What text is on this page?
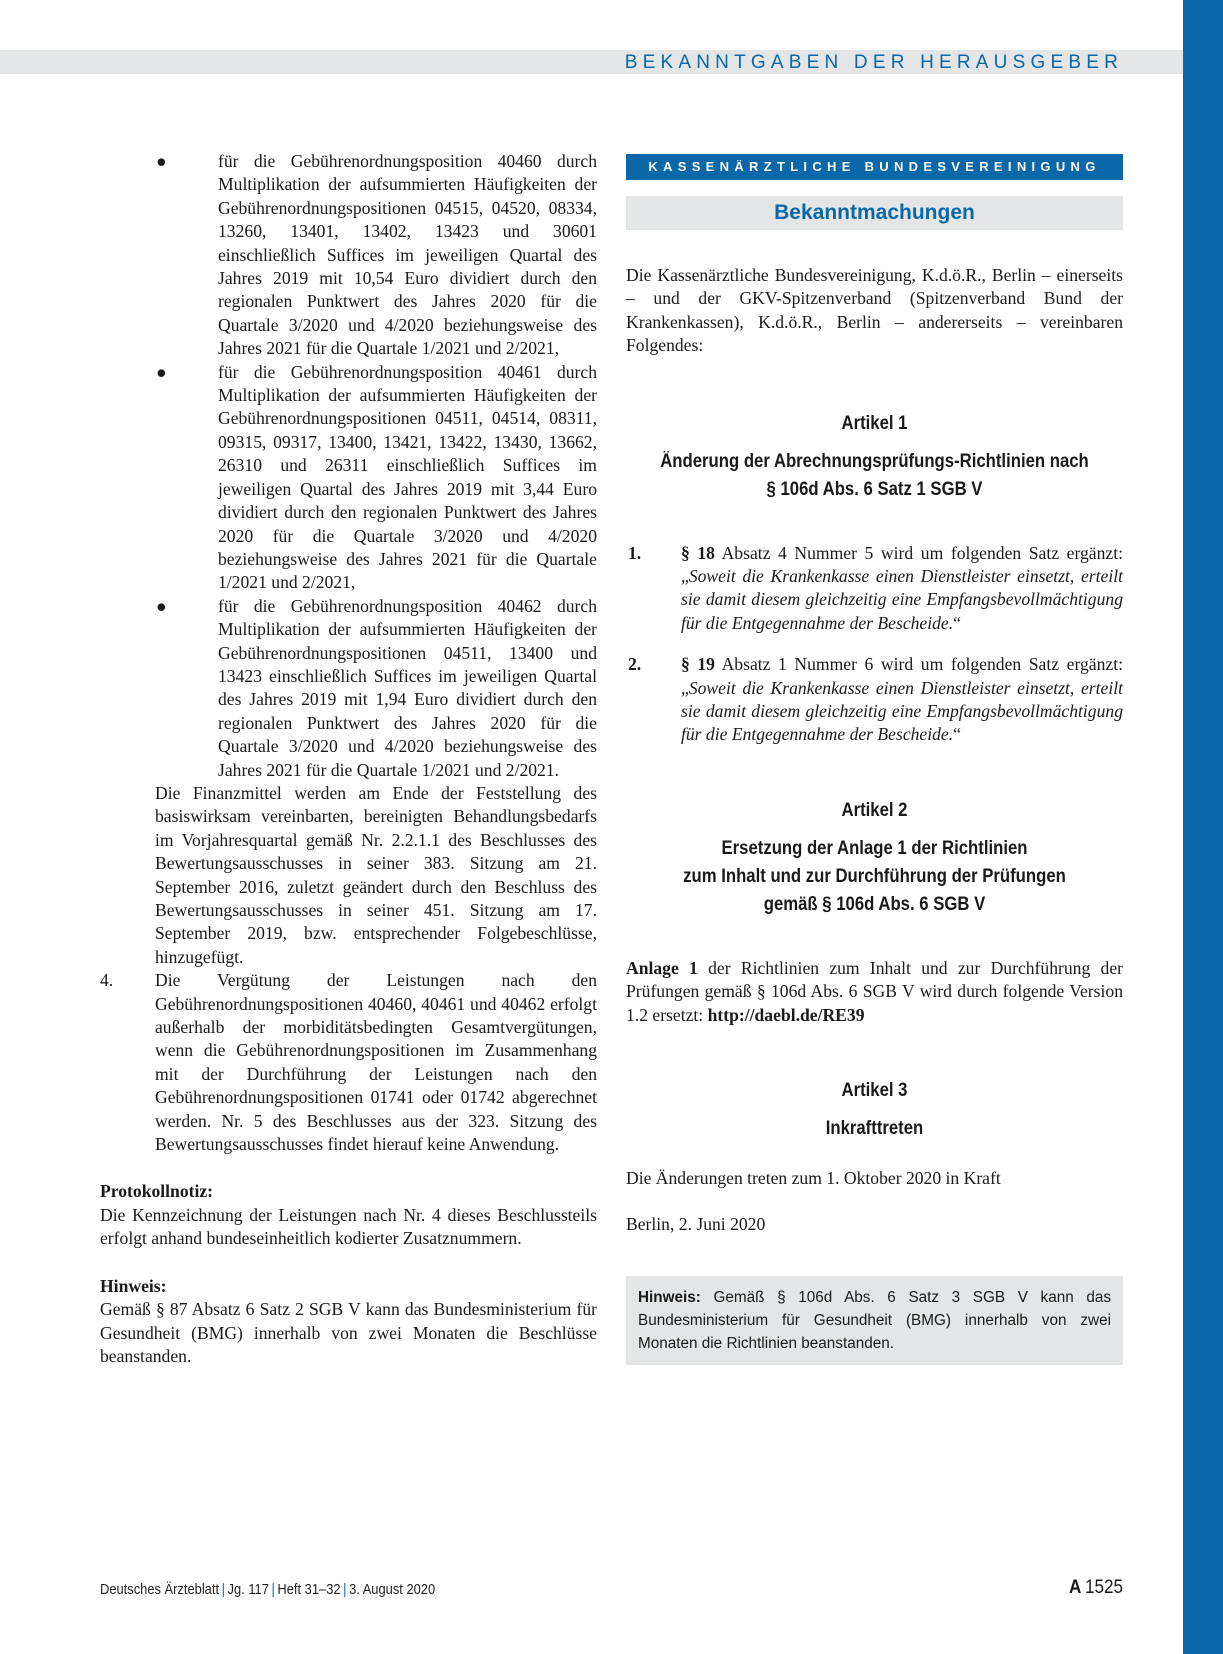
BEKANNTGABEN DER HERAUSGEBER
●	für die Gebührenordnungsposition 40460 durch Multiplikation der aufsummierten Häufigkeiten der Gebührenordnungspositionen 04515, 04520, 08334, 13260, 13401, 13402, 13423 und 30601 einschließlich Suffices im jeweiligen Quartal des Jahres 2019 mit 10,54 Euro dividiert durch den regionalen Punktwert des Jahres 2020 für die Quartale 3/2020 und 4/2020 beziehungsweise des Jahres 2021 für die Quartale 1/2021 und 2/2021,
●	für die Gebührenordnungsposition 40461 durch Multiplikation der aufsummierten Häufigkeiten der Gebührenordnungspositionen 04511, 04514, 08311, 09315, 09317, 13400, 13421, 13422, 13430, 13662, 26310 und 26311 einschließlich Suffices im jeweiligen Quartal des Jahres 2019 mit 3,44 Euro dividiert durch den regionalen Punktwert des Jahres 2020 für die Quartale 3/2020 und 4/2020 beziehungsweise des Jahres 2021 für die Quartale 1/2021 und 2/2021,
●	für die Gebührenordnungsposition 40462 durch Multiplikation der aufsummierten Häufigkeiten der Gebührenordnungspositionen 04511, 13400 und 13423 einschließlich Suffices im jeweiligen Quartal des Jahres 2019 mit 1,94 Euro dividiert durch den regionalen Punktwert des Jahres 2020 für die Quartale 3/2020 und 4/2020 beziehungsweise des Jahres 2021 für die Quartale 1/2021 und 2/2021.

Die Finanzmittel werden am Ende der Feststellung des basiswirksam vereinbarten, bereinigten Behandlungsbedarfs im Vorjahresquartal gemäß Nr. 2.2.1.1 des Beschlusses des Bewertungsausschusses in seiner 383. Sitzung am 21. September 2016, zuletzt geändert durch den Beschluss des Bewertungsausschusses in seiner 451. Sitzung am 17. September 2019, bzw. entsprechender Folgebeschlüsse, hinzugefügt.

4. Die Vergütung der Leistungen nach den Gebührenordnungspositionen 40460, 40461 und 40462 erfolgt außerhalb der morbiditätsbedingten Gesamtvergütungen, wenn die Gebührenordnungspositionen im Zusammenhang mit der Durchführung der Leistungen nach den Gebührenordnungspositionen 01741 oder 01742 abgerechnet werden. Nr. 5 des Beschlusses aus der 323. Sitzung des Bewertungsausschusses findet hierauf keine Anwendung.

Protokollnotiz:

Die Kennzeichnung der Leistungen nach Nr. 4 dieses Beschlussteils erfolgt anhand bundeseinheitlich kodierter Zusatznummern.

Hinweis:

Gemäß § 87 Absatz 6 Satz 2 SGB V kann das Bundesministerium für Gesundheit (BMG) innerhalb von zwei Monaten die Beschlüsse beanstanden.

KASSENÄRZTLICHE BUNDESVEREINIGUNG
Bekanntmachungen

Die Kassenärztliche Bundesvereinigung, K.d.ö.R., Berlin – einerseits – und der GKV-Spitzenverband (Spitzenverband Bund der Krankenkassen), K.d.ö.R., Berlin – andererseits – vereinbaren Folgendes:

Artikel 1
Änderung der Abrechnungsprüfungs-Richtlinien nach
§ 106d Abs. 6 Satz 1 SGB V
1. § 18 Absatz 4 Nummer 5 wird um folgenden Satz ergänzt: „Soweit die Krankenkasse einen Dienstleister einsetzt, erteilt sie damit diesem gleichzeitig eine Empfangsbevollmächtigung für die Entgegennahme der Bescheide.“
2. § 19 Absatz 1 Nummer 6 wird um folgenden Satz ergänzt: „Soweit die Krankenkasse einen Dienstleister einsetzt, erteilt sie damit diesem gleichzeitig eine Empfangsbevollmächtigung für die Entgegennahme der Bescheide.“
Artikel 2
Ersetzung der Anlage 1 der Richtlinien
zum Inhalt und zur Durchführung der Prüfungen
gemäß § 106d Abs. 6 SGB V

Anlage 1 der Richtlinien zum Inhalt und zur Durchführung der Prüfungen gemäß § 106d Abs. 6 SGB V wird durch folgende Version 1.2 ersetzt: http://daebl.de/RE39

Artikel 3
Inkrafttreten

Die Änderungen treten zum 1. Oktober 2020 in Kraft

Berlin, 2. Juni 2020

Hinweis: Gemäß § 106d Abs. 6 Satz 3 SGB V kann das Bundesministerium für Gesundheit (BMG) innerhalb von zwei Monaten die Richtlinien beanstanden.
Deutsches Ärzteblatt | Jg. 117 | Heft 31–32 | 3. August 2020	A 1525
